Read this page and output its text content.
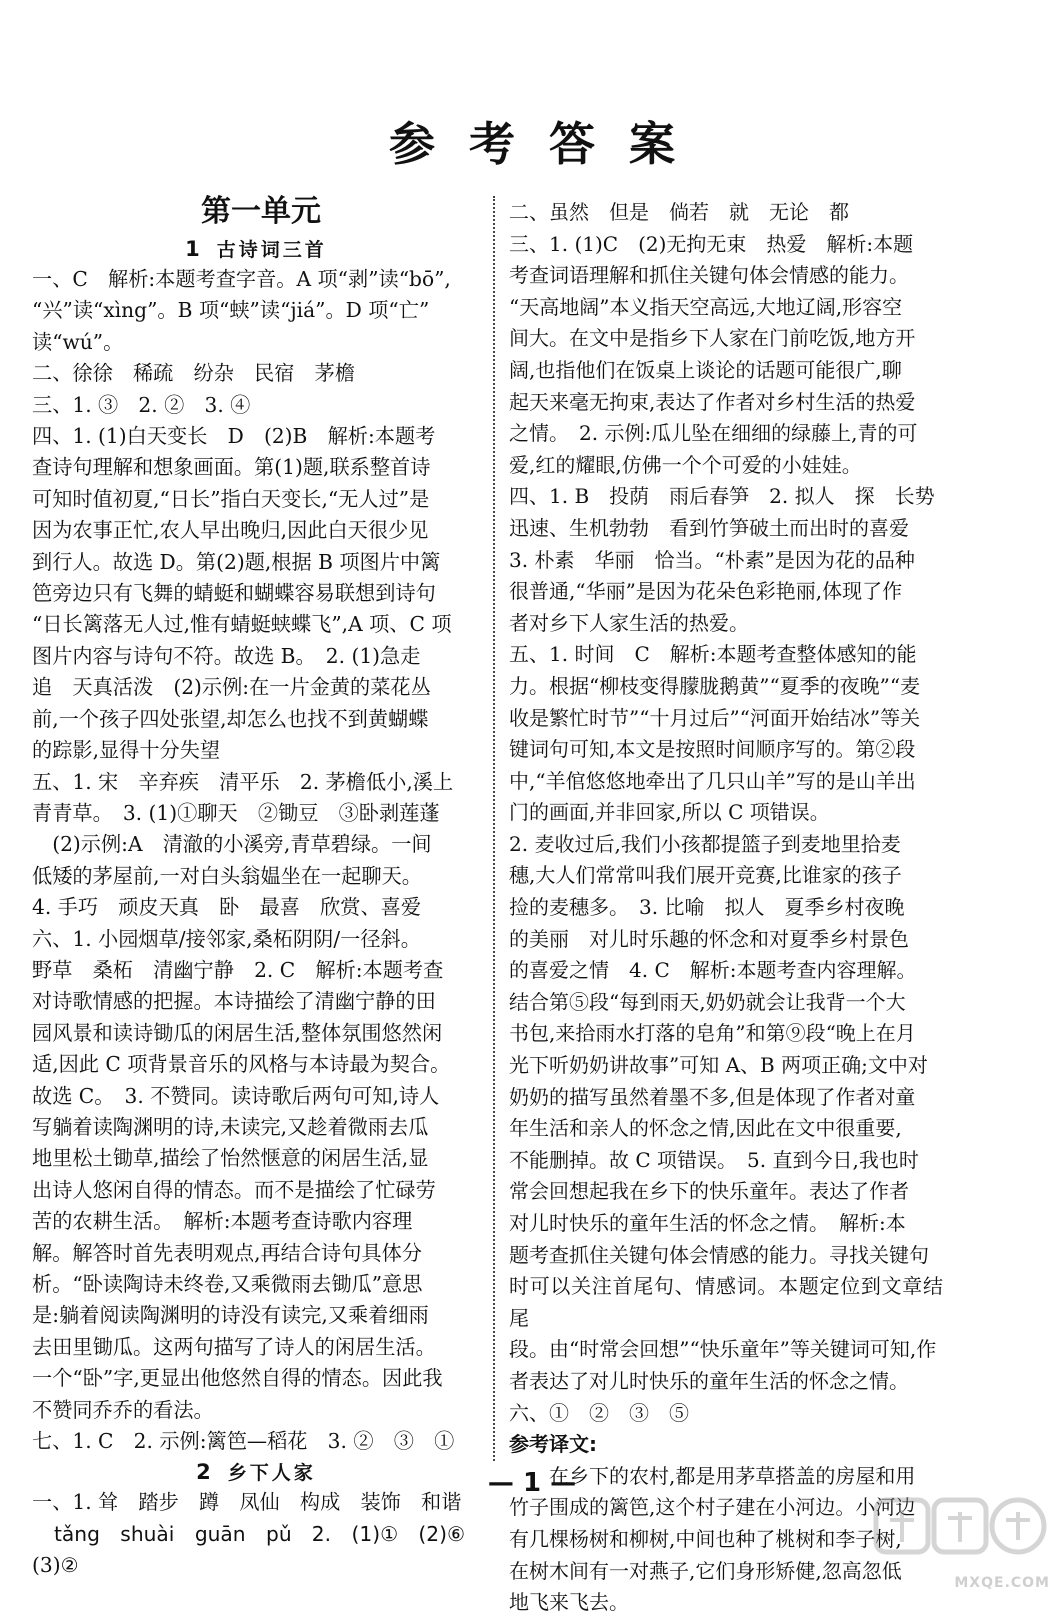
参考答案
第一单元
1 古诗词三首

一、C　解析:本题考查字音。A 项“剥”读“bō”,

“兴”读“xìng”。B 项“蛱”读“jiá”。D 项“亡”

读“wú”。

二、徐徐　稀疏　纷杂　民宿　茅檐

三、1. ③　2. ②　3. ④

四、1. (1)白天变长　D　(2)B　解析:本题考

查诗句理解和想象画面。第(1)题,联系整首诗

可知时值初夏,“日长”指白天变长,“无人过”是

因为农事正忙,农人早出晚归,因此白天很少见

到行人。故选 D。第(2)题,根据 B 项图片中篱

笆旁边只有飞舞的蜻蜓和蝴蝶容易联想到诗句

“日长篱落无人过,惟有蜻蜓蛱蝶飞”,A 项、C 项

图片内容与诗句不符。故选 B。　2. (1)急走

追　天真活泼　(2)示例:在一片金黄的菜花丛

前,一个孩子四处张望,却怎么也找不到黄蝴蝶

的踪影,显得十分失望

五、1. 宋　辛弃疾　清平乐　2. 茅檐低小,溪上

青青草。　3. (1)①聊天　②锄豆　③卧剥莲蓬

　(2)示例:A　清澈的小溪旁,青草碧绿。一间

低矮的茅屋前,一对白头翁媪坐在一起聊天。

4. 手巧　顽皮天真　卧　最喜　欣赏、喜爱

六、1. 小园烟草/接邻家,桑柘阴阴/一径斜。

野草　桑柘　清幽宁静　2. C　解析:本题考查

对诗歌情感的把握。本诗描绘了清幽宁静的田

园风景和读诗锄瓜的闲居生活,整体氛围悠然闲

适,因此 C 项背景音乐的风格与本诗最为契合。

故选 C。　3. 不赞同。读诗歌后两句可知,诗人

写躺着读陶渊明的诗,未读完,又趁着微雨去瓜

地里松土锄草,描绘了怡然惬意的闲居生活,显

出诗人悠闲自得的情态。而不是描绘了忙碌劳

苦的农耕生活。　解析:本题考查诗歌内容理

解。解答时首先表明观点,再结合诗句具体分

析。“卧读陶诗未终卷,又乘微雨去锄瓜”意思

是:躺着阅读陶渊明的诗没有读完,又乘着细雨

去田里锄瓜。这两句描写了诗人的闲居生活。

一个“卧”字,更显出他悠然自得的情态。因此我

不赞同乔乔的看法。

七、1. C　2. 示例:篱笆—稻花　3. ②　③　①

2 乡下人家

一、1. 耸　踏步　蹲　凤仙　构成　装饰　和谐

tǎng shuài guān pǔ　2. (1)①　(2)⑥

(3)②

二、虽然　但是　倘若　就　无论　都

三、1. (1)C　(2)无拘无束　热爱　解析:本题

考查词语理解和抓住关键句体会情感的能力。

“天高地阔”本义指天空高远,大地辽阔,形容空

间大。在文中是指乡下人家在门前吃饭,地方开

阔,也指他们在饭桌上谈论的话题可能很广,聊

起天来毫无拘束,表达了作者对乡村生活的热爱

之情。　2. 示例:瓜儿坠在细细的绿藤上,青的可

爱,红的耀眼,仿佛一个个可爱的小娃娃。

四、1. B　投荫　雨后春笋　2. 拟人　探　长势

迅速、生机勃勃　看到竹笋破土而出时的喜爱

3. 朴素　华丽　恰当。“朴素”是因为花的品种

很普通,“华丽”是因为花朵色彩艳丽,体现了作

者对乡下人家生活的热爱。

五、1. 时间　C　解析:本题考查整体感知的能

力。根据“柳枝变得朦胧鹅黄”“夏季的夜晚”“麦

收是繁忙时节”“十月过后”“河面开始结冰”等关

键词句可知,本文是按照时间顺序写的。第②段

中,“羊倌悠悠地牵出了几只山羊”写的是山羊出

门的画面,并非回家,所以 C 项错误。

2. 麦收过后,我们小孩都提篮子到麦地里拾麦

穗,大人们常常叫我们展开竞赛,比谁家的孩子

捡的麦穗多。　3. 比喻　拟人　夏季乡村夜晚

的美丽　对儿时乐趣的怀念和对夏季乡村景色

的喜爱之情　4. C　解析:本题考查内容理解。

结合第⑤段“每到雨天,奶奶就会让我背一个大

书包,来拾雨水打落的皂角”和第⑨段“晚上在月

光下听奶奶讲故事”可知 A、B 两项正确;文中对

奶奶的描写虽然着墨不多,但是体现了作者对童

年生活和亲人的怀念之情,因此在文中很重要,

不能删掉。故 C 项错误。　5. 直到今日,我也时

常会回想起我在乡下的快乐童年。表达了作者

对儿时快乐的童年生活的怀念之情。　解析:本

题考查抓住关键句体会情感的能力。寻找关键句

时可以关注首尾句、情感词。本题定位到文章结尾

段。由“时常会回想”“快乐童年”等关键词可知,作

者表达了对儿时快乐的童年生活的怀念之情。

六、①　②　③　⑤

参考译文:

在乡下的农村,都是用茅草搭盖的房屋和用

竹子围成的篱笆,这个村子建在小河边。小河边

有几棵杨树和柳树,中间也种了桃树和李子树,

在树木间有一对燕子,它们身形矫健,忽高忽低

地飞来飞去。

— 1 —
MXQE.COM
